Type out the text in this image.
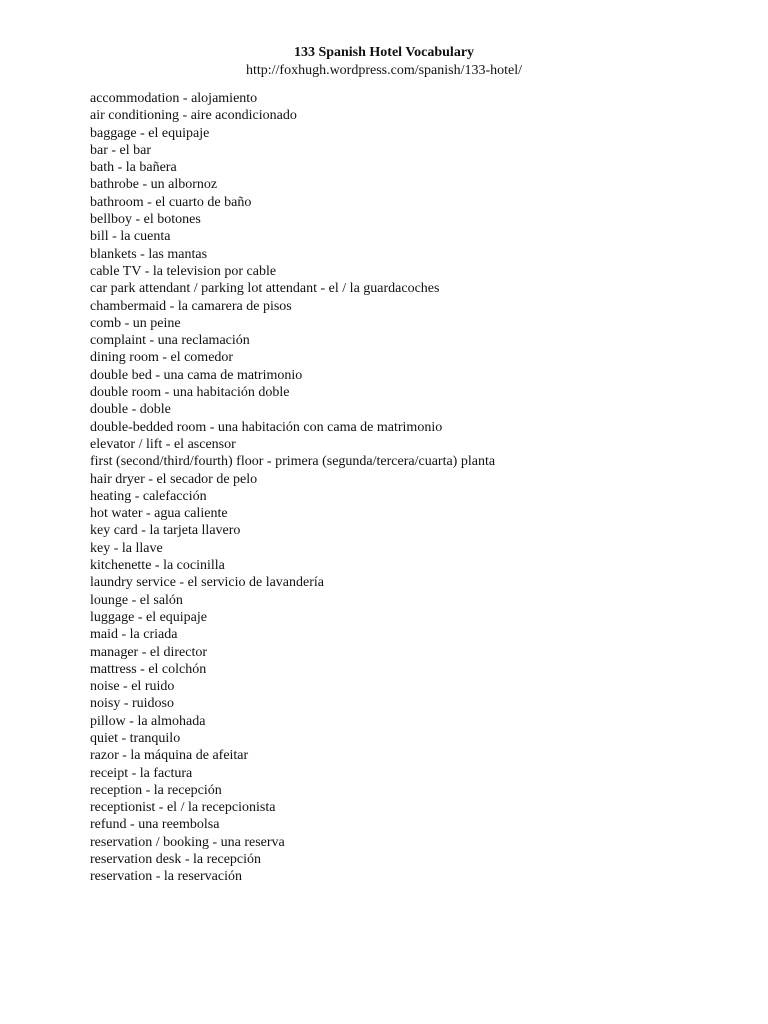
133 Spanish Hotel Vocabulary
http://foxhugh.wordpress.com/spanish/133-hotel/
accommodation - alojamiento
air conditioning - aire acondicionado
baggage - el equipaje
bar - el bar
bath - la bañera
bathrobe - un albornoz
bathroom - el cuarto de baño
bellboy - el botones
bill - la cuenta
blankets - las mantas
cable TV - la television por cable
car park attendant / parking lot attendant - el / la guardacoches
chambermaid - la camarera de pisos
comb - un peine
complaint - una reclamación
dining room - el comedor
double bed - una cama de matrimonio
double room - una habitación doble
double - doble
double-bedded room - una habitación con cama de matrimonio
elevator / lift - el ascensor
first (second/third/fourth) floor - primera (segunda/tercera/cuarta) planta
hair dryer - el secador de pelo
heating - calefacción
hot water - agua caliente
key card - la tarjeta llavero
key - la llave
kitchenette - la cocinilla
laundry service - el servicio de lavandería
lounge - el salón
luggage - el equipaje
maid - la criada
manager - el director
mattress - el colchón
noise - el ruido
noisy - ruidoso
pillow - la almohada
quiet - tranquilo
razor - la máquina de afeitar
receipt - la factura
reception - la recepción
receptionist - el / la recepcionista
refund - una reembolsa
reservation / booking - una reserva
reservation desk - la recepción
reservation - la reservación
